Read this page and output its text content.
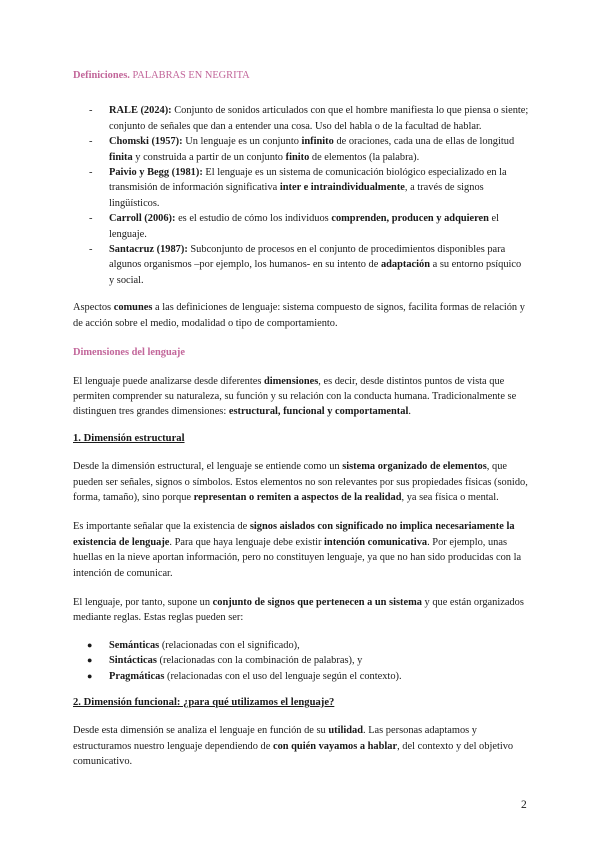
Definiciones. PALABRAS EN NEGRITA

- RALE (2024): Conjunto de sonidos articulados con que el hombre manifiesta lo que piensa o siente; conjunto de señales que dan a entender una cosa. Uso del habla o de la facultad de hablar.
- Chomski (1957): Un lenguaje es un conjunto infinito de oraciones, cada una de ellas de longitud finita y construida a partir de un conjunto finito de elementos (la palabra).
- Paivio y Begg (1981): El lenguaje es un sistema de comunicación biológico especializado en la transmisión de información significativa inter e intraindividualmente, a través de signos lingüísticos.
- Carroll (2006): es el estudio de cómo los individuos comprenden, producen y adquieren el lenguaje.
- Santacruz (1987): Subconjunto de procesos en el conjunto de procedimientos disponibles para algunos organismos –por ejemplo, los humanos- en su intento de adaptación a su entorno psíquico y social.

Aspectos comunes a las definiciones de lenguaje: sistema compuesto de signos, facilita formas de relación y de acción sobre el medio, modalidad o tipo de comportamiento.

Dimensiones del lenguaje

El lenguaje puede analizarse desde diferentes dimensiones, es decir, desde distintos puntos de vista que permiten comprender su naturaleza, su función y su relación con la conducta humana. Tradicionalmente se distinguen tres grandes dimensiones: estructural, funcional y comportamental.

1. Dimensión estructural

Desde la dimensión estructural, el lenguaje se entiende como un sistema organizado de elementos, que pueden ser señales, signos o símbolos. Estos elementos no son relevantes por sus propiedades físicas (sonido, forma, tamaño), sino porque representan o remiten a aspectos de la realidad, ya sea física o mental.

Es importante señalar que la existencia de signos aislados con significado no implica necesariamente la existencia de lenguaje. Para que haya lenguaje debe existir intención comunicativa. Por ejemplo, unas huellas en la nieve aportan información, pero no constituyen lenguaje, ya que no han sido producidas con la intención de comunicar.

El lenguaje, por tanto, supone un conjunto de signos que pertenecen a un sistema y que están organizados mediante reglas. Estas reglas pueden ser:

● Semánticas (relacionadas con el significado),
● Sintácticas (relacionadas con la combinación de palabras), y
● Pragmáticas (relacionadas con el uso del lenguaje según el contexto).

2. Dimensión funcional: ¿para qué utilizamos el lenguaje?

Desde esta dimensión se analiza el lenguaje en función de su utilidad. Las personas adaptamos y estructuramos nuestro lenguaje dependiendo de con quién vayamos a hablar, del contexto y del objetivo comunicativo.

2
